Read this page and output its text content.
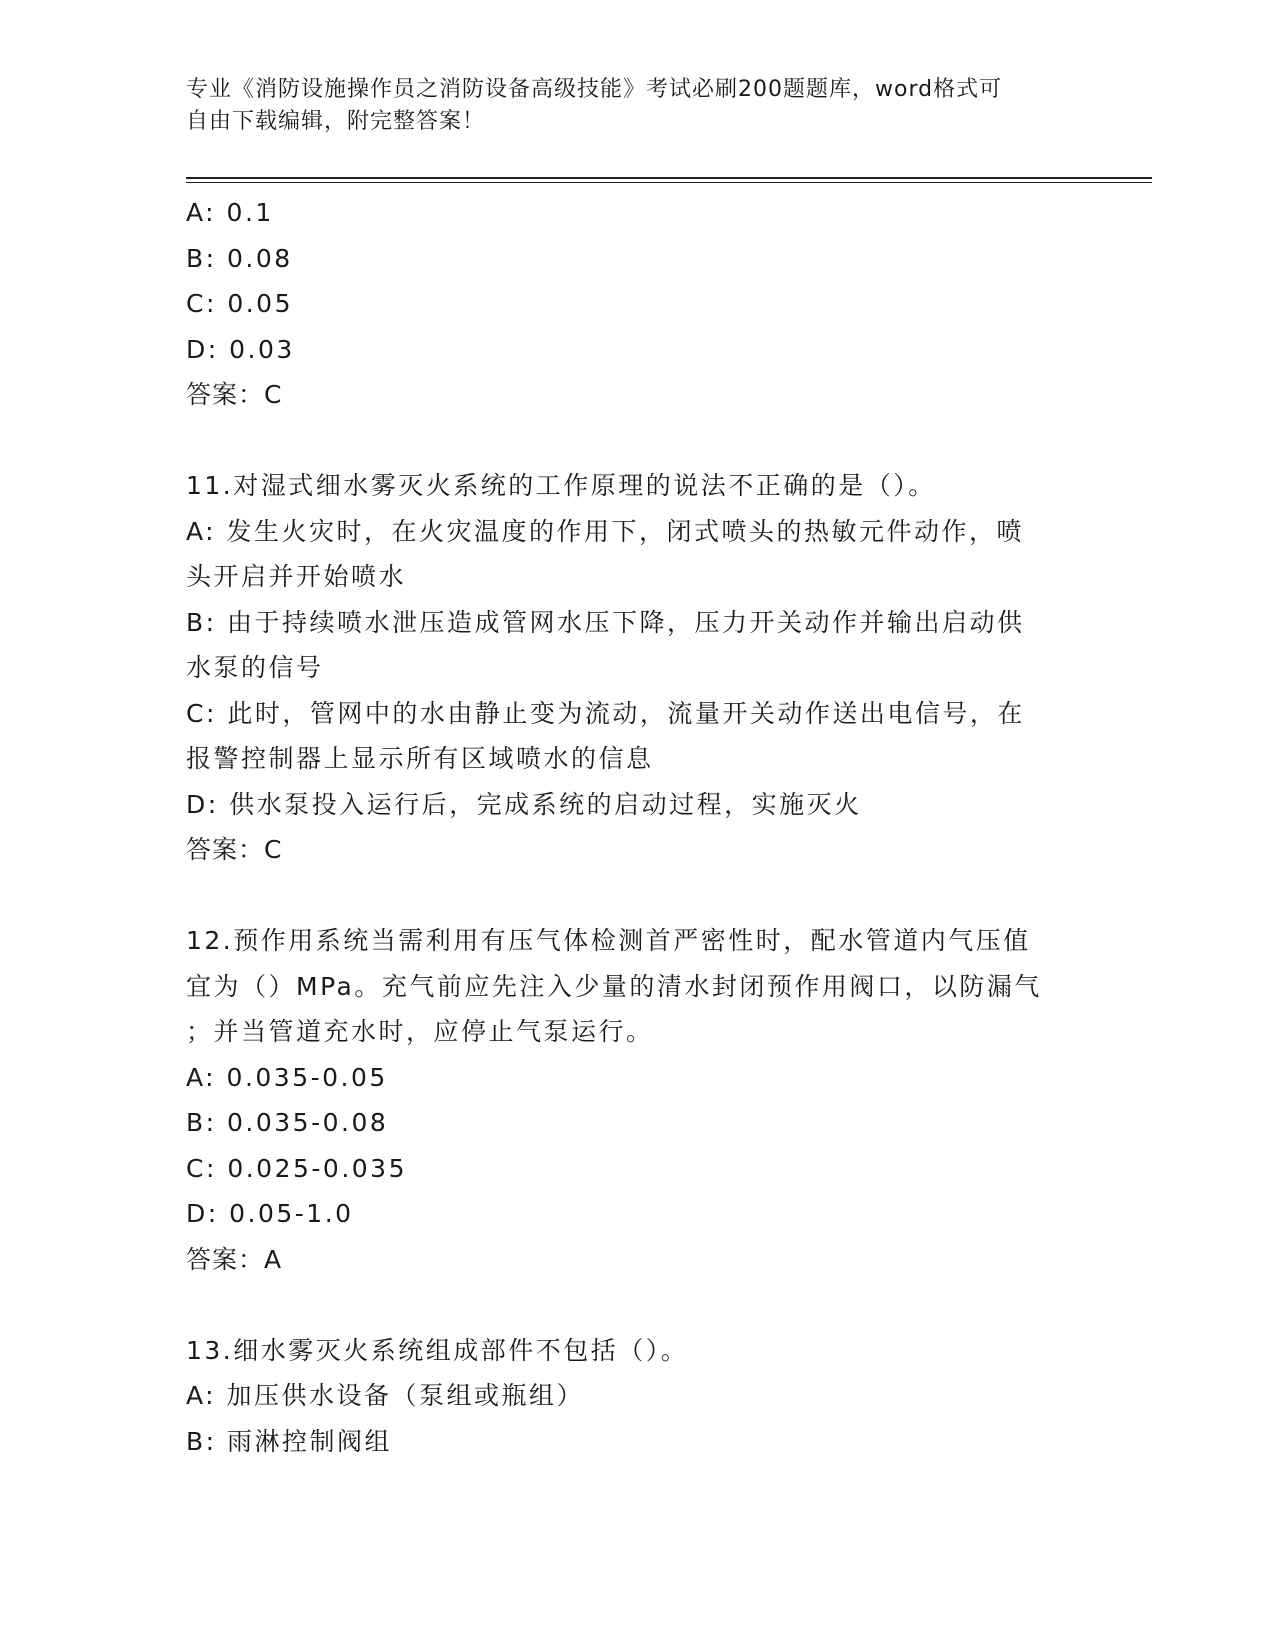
专业《消防设施操作员之消防设备高级技能》考试必刷200题题库，word格式可
自由下载编辑，附完整答案！
A: 0.1
B: 0.08
C: 0.05
D: 0.03
答案：C
11.对湿式细水雾灭火系统的工作原理的说法不正确的是（）。
A: 发生火灾时，在火灾温度的作用下，闭式喷头的热敏元件动作，喷
头开启并开始喷水
B: 由于持续喷水泄压造成管网水压下降，压力开关动作并输出启动供
水泵的信号
C: 此时，管网中的水由静止变为流动，流量开关动作送出电信号，在
报警控制器上显示所有区域喷水的信息
D: 供水泵投入运行后，完成系统的启动过程，实施灭火
答案：C
12.预作用系统当需利用有压气体检测首严密性时，配水管道内气压值
宜为（）MPa。充气前应先注入少量的清水封闭预作用阀口，以防漏气
；并当管道充水时，应停止气泵运行。
A: 0.035-0.05
B: 0.035-0.08
C: 0.025-0.035
D: 0.05-1.0
答案：A
13.细水雾灭火系统组成部件不包括（）。
A: 加压供水设备（泵组或瓶组）
B: 雨淋控制阀组
